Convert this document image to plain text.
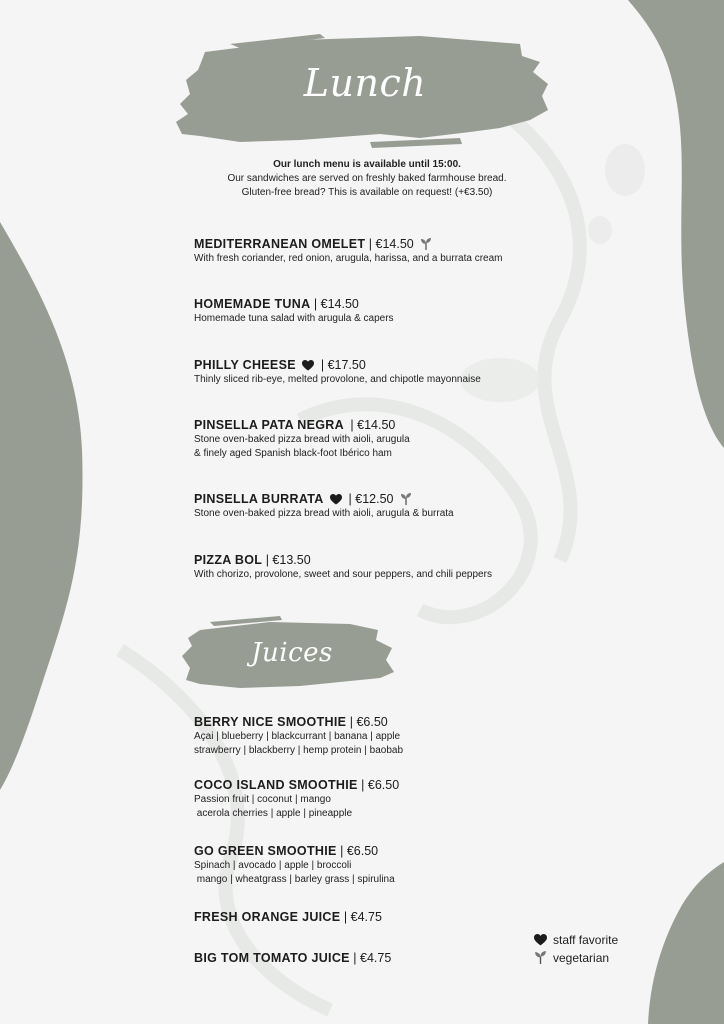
Lunch
Our lunch menu is available until 15:00.
Our sandwiches are served on freshly baked farmhouse bread.
Gluten-free bread? This is available on request! (+€3.50)
MEDITERRANEAN OMELET | €14.50
With fresh coriander, red onion, arugula, harissa, and a burrata cream
HOMEMADE TUNA | €14.50
Homemade tuna salad with arugula & capers
PHILLY CHEESE | €17.50
Thinly sliced rib-eye, melted provolone, and chipotle mayonnaise
PINSELLA PATA NEGRA | €14.50
Stone oven-baked pizza bread with aioli, arugula
& finely aged Spanish black-foot Ibérico ham
PINSELLA BURRATA | €12.50
Stone oven-baked pizza bread with aioli, arugula & burrata
PIZZA BOL | €13.50
With chorizo, provolone, sweet and sour peppers, and chili peppers
Juices
BERRY NICE SMOOTHIE | €6.50
Açai | blueberry | blackcurrant | banana | apple
strawberry | blackberry | hemp protein | baobab
COCO ISLAND SMOOTHIE | €6.50
Passion fruit | coconut | mango
acerola cherries | apple | pineapple
GO GREEN SMOOTHIE | €6.50
Spinach | avocado | apple | broccoli
mango | wheatgrass | barley grass | spirulina
FRESH ORANGE JUICE | €4.75
BIG TOM TOMATO JUICE | €4.75
staff favorite
vegetarian
